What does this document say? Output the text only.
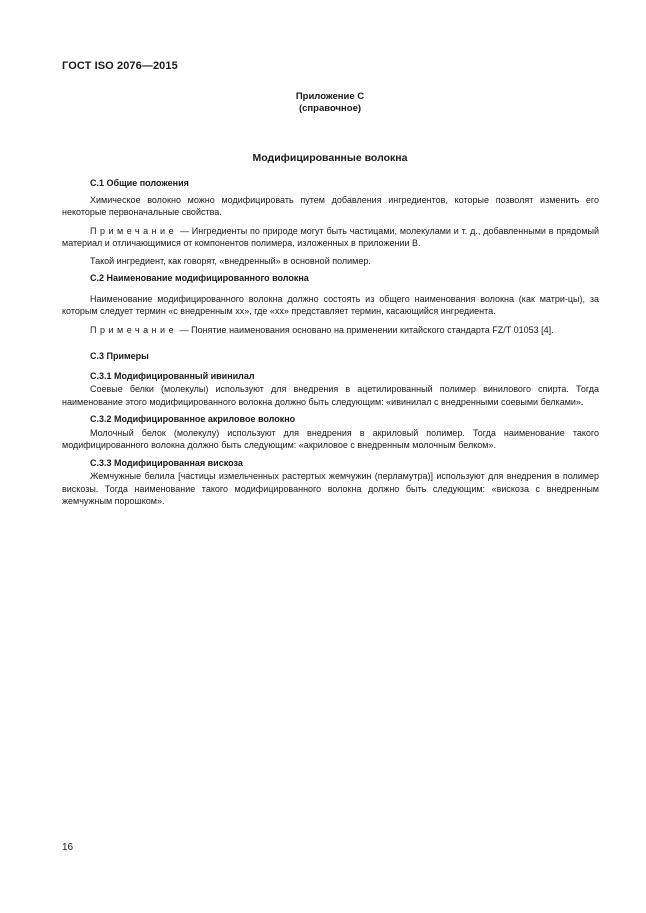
ГОСТ ISO 2076—2015
Приложение С
(справочное)
Модифицированные волокна

С.1 Общие положения

Химическое волокно можно модифицировать путем добавления ингредиентов, которые позволят изменить его некоторые первоначальные свойства.

Примечание — Ингредиенты по природе могут быть частицами, молекулами и т. д., добавленными в прядомый материал и отличающимися от компонентов полимера, изложенных в приложении В.

Такой ингредиент, как говорят, «внедренный» в основной полимер.

С.2 Наименование модифицированного волокна

Наименование модифицированного волокна должно состоять из общего наименования волокна (как матри-цы), за которым следует термин «с внедренным хх», где «хх» представляет термин, касающийся ингредиента.

Примечание — Понятие наименования основано на применении китайского стандарта FZ/T 01053 [4].

С.3 Примеры

С.3.1 Модифицированный ивинилал

Соевые белки (молекулы) используют для внедрения в ацетилированный полимер винилового спирта. Тогда наименование этого модифицированного волокна должно быть следующим: «ивинилал с внедренными соевыми белками».

С.3.2 Модифицированное акриловое волокно

Молочный белок (молекулу) используют для внедрения в акриловый полимер. Тогда наименование такого модифицированного волокна должно быть следующим: «акриловое с внедренным молочным белком».

С.3.3 Модифицированная вискоза

Жемчужные белила [частицы измельченных растертых жемчужин (перламутра)] используют для внедрения в полимер вискозы. Тогда наименование такого модифицированного волокна должно быть следующим: «вискоза с внедренным жемчужным порошком».

16
